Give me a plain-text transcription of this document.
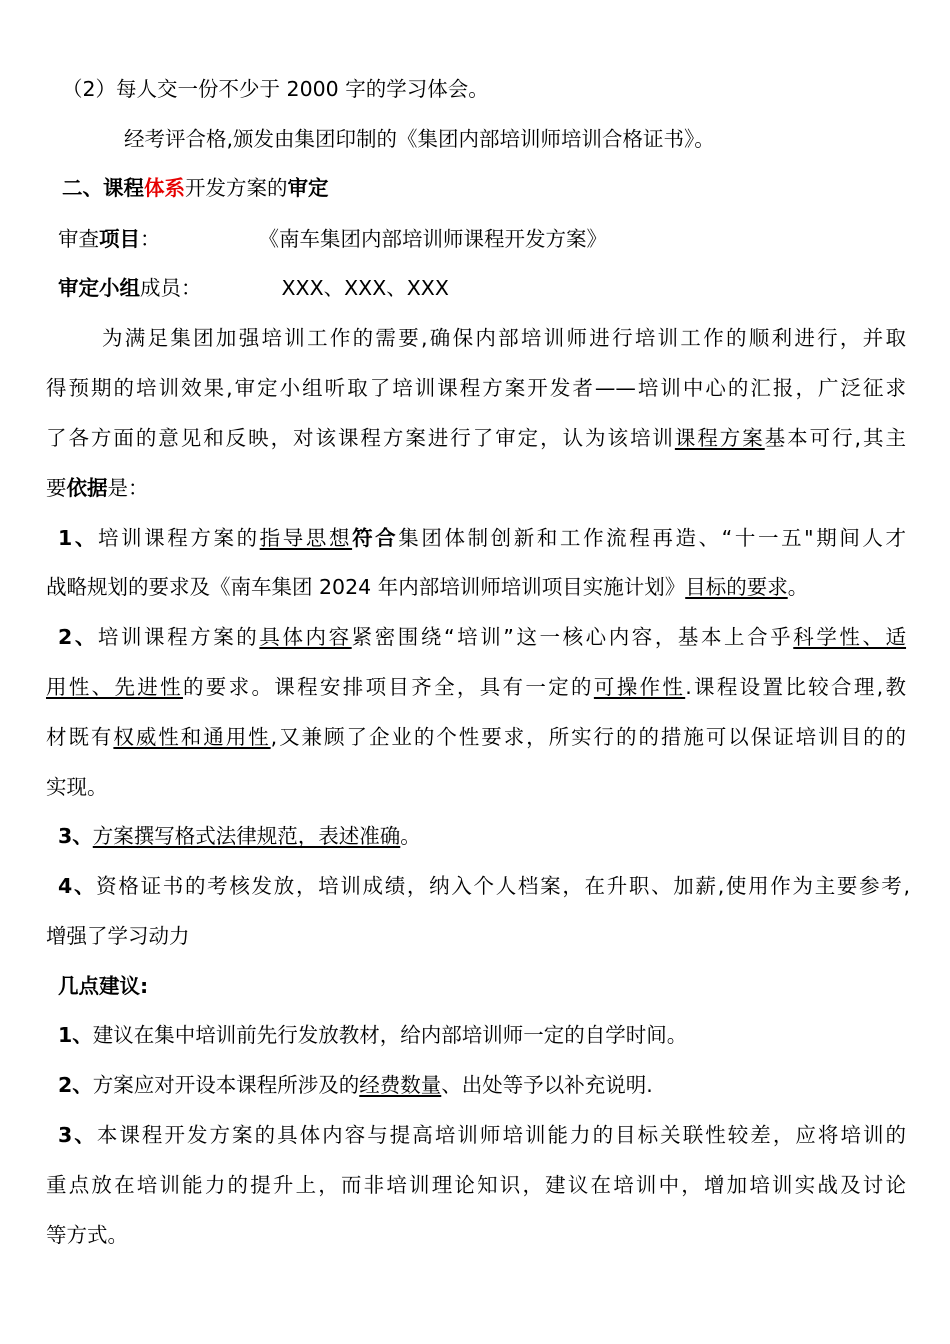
（2）每人交一份不少于 2000 字的学习体会。
经考评合格,颁发由集团印制的《集团内部培训师培训合格证书》。
二、课程体系开发方案的审定
审查项目：	《南车集团内部培训师课程开发方案》
审定小组成员：	XXX、XXX、XXX
为满足集团加强培训工作的需要,确保内部培训师进行培训工作的顺利进行，并取
得预期的培训效果,审定小组听取了培训课程方案开发者——培训中心的汇报，广泛征求
了各方面的意见和反映，对该课程方案进行了审定，认为该培训课程方案基本可行,其主
要依据是：
1、培训课程方案的指导思想符合集团体制创新和工作流程再造、“十一五"期间人才
战略规划的要求及《南车集团 2024 年内部培训师培训项目实施计划》目标的要求。
2、培训课程方案的具体内容紧密围绕“培训”这一核心内容，基本上合乎科学性、适
用性、先进性的要求。课程安排项目齐全，具有一定的可操作性.课程设置比较合理,教
材既有权威性和通用性,又兼顾了企业的个性要求，所实行的的措施可以保证培训目的的
实现。
3、方案撰写格式法律规范，表述准确。
4、资格证书的考核发放，培训成绩，纳入个人档案，在升职、加薪,使用作为主要参考,
增强了学习动力
几点建议:
1、建议在集中培训前先行发放教材，给内部培训师一定的自学时间。
2、方案应对开设本课程所涉及的经费数量、出处等予以补充说明.
3、本课程开发方案的具体内容与提高培训师培训能力的目标关联性较差，应将培训的
重点放在培训能力的提升上，而非培训理论知识，建议在培训中，增加培训实战及讨论
等方式。
